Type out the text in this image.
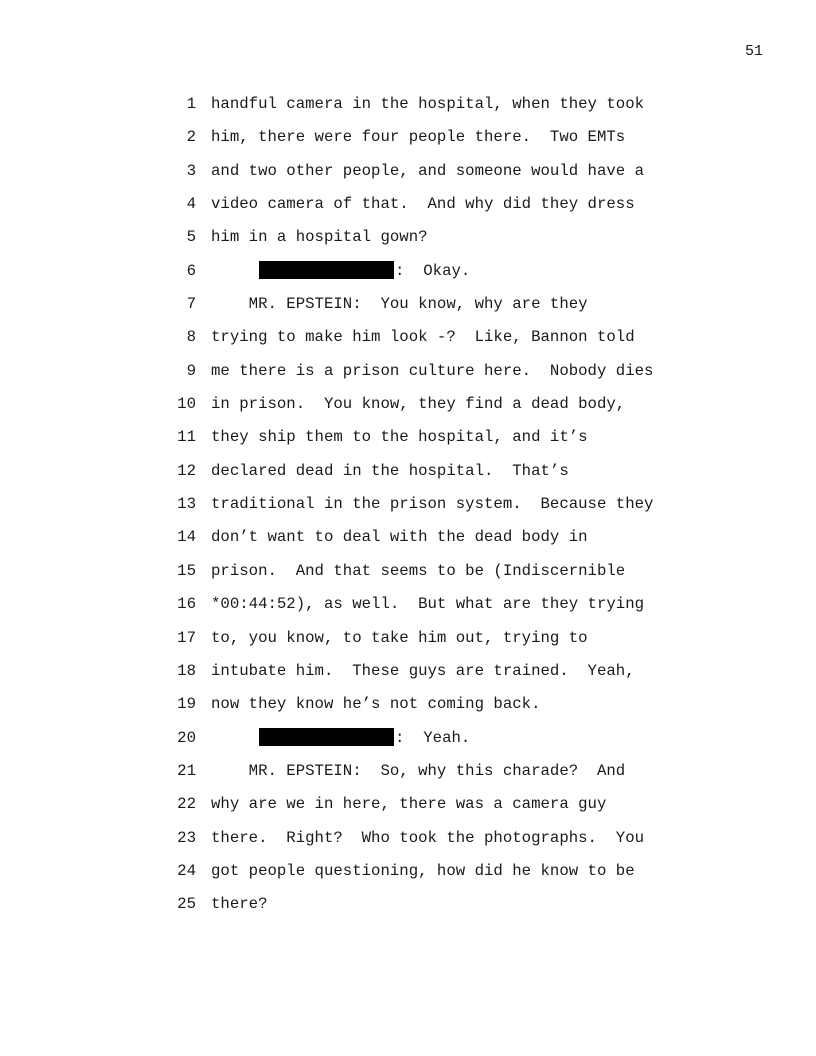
51

1

handful camera in the hospital, when they took

2

him, there were four people there.  Two EMTs

3

and two other people, and someone would have a

4

video camera of that.  And why did they dress

5

him in a hospital gown?

6

	:  Okay.

7

MR. EPSTEIN:  You know, why are they

8

trying to make him look -?  Like, Bannon told

9

me there is a prison culture here.  Nobody dies

10

in prison.  You know, they find a dead body,

11

they ship them to the hospital, and it’s

12

declared dead in the hospital.  That’s

13

traditional in the prison system.  Because they

14

don’t want to deal with the dead body in

15

prison.  And that seems to be (Indiscernible

16

*00:44:52), as well.  But what are they trying

17

to, you know, to take him out, trying to

18

intubate him.  These guys are trained.  Yeah,

19

now they know he’s not coming back.

20

	:  Yeah.

21

MR. EPSTEIN:  So, why this charade?  And

22

why are we in here, there was a camera guy

23

there.  Right?  Who took the photographs.  You

24

got people questioning, how did he know to be

25

there?
